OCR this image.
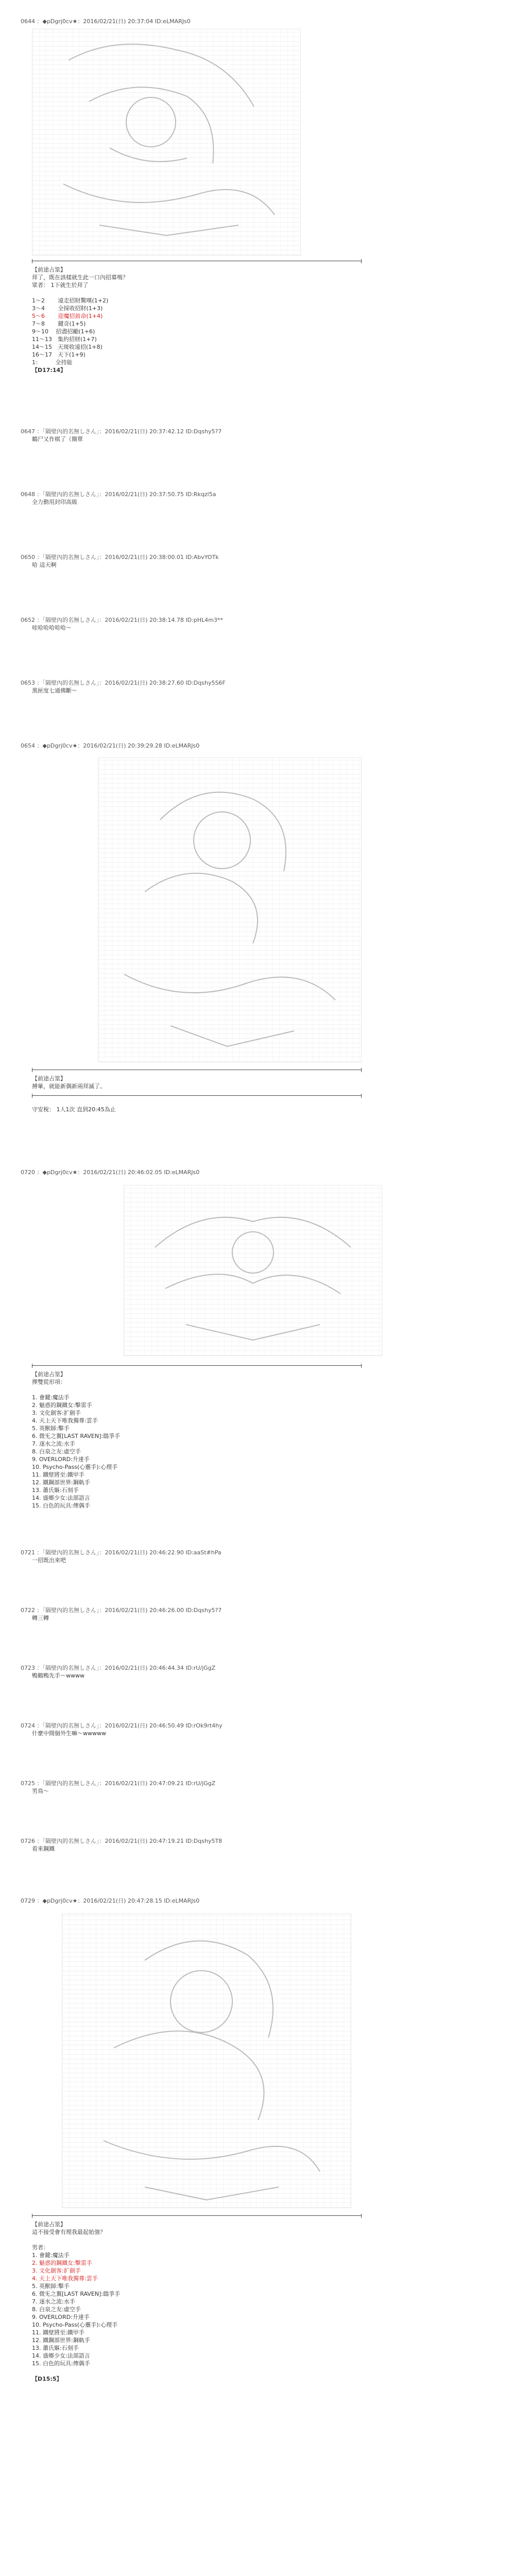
0644 ：◆pDgrj0cv★：2016/02/21(日) 20:37:04 ID:eLMARJs0
【前途占筮】
拜了，既在該樣就生此一口內招募嗎？
眾者： 1下就生於拜了
1～2　　 遠走招財驚嘆(1+2)
3～4　　 全採收招財(1+3)
5～6　　 迎魔招前命(1+4)
7～8　　 鍵奇(1+5)
9～10　 招盡招勵(1+6)
11～13　集約招财(1+7)
14～15　天斑收遠招(1+8)
16～17　天下(1+9)
1：　　　全持能
【D17:14】
0647 ：「隔壁內的名無しさん」：2016/02/21(日) 20:37:42.12 ID:Dqshy5?7
鶴尸又作棋了（簡單
0648 ：「隔壁內的名無しさん」：2016/02/21(日) 20:37:50.75 ID:Rkqzl5a
全力動用封印高級
0650 ：「隔壁內的名無しさん」：2016/02/21(日) 20:38:00.01 ID:AbvYOTk
哈 這天啊
0652 ：「隔壁內的名無しさん」：2016/02/21(日) 20:38:14.78 ID:pHL4m3**
哇哈哈哈哈哈～
0653 ：「隔壁內的名無しさん」：2016/02/21(日) 20:38:27.60 ID:Dqshy5S6F
黑匣度七通佛斷～
0654 ：◆pDgrj0cv★：2016/02/21(日) 20:39:29.28 ID:eLMARJs0
【前途占筮】
搏暈，就能新偶新兩拜滅了。
守安稅： 1人1次 直到20:45為止
0720 ：◆pDgrj0cv★：2016/02/21(日) 20:46:02.05 ID:eLMARJs0
【前途占筮】
擇雙從形項：
1. 會鍵:魔法手
2. 魅惑的鋼鐵女:擊雷手
3. 文化劍客:扩劍手
4. 天上天下唯我獨尊:雲手
5. 英獸師:擊手
6. 微旡之翼[LAST RAVEN]:鴟爭手
7. 逐水之流:水手
8. 白泉之友:虛空手
9. OVERLORD:升達手
10. Psycho-Pass(心靈手):心理手
11. 鐵壁將至:鐵甲手
12. 鐵鋼部世界:鋼軌手
13. 蕭氏嫗:石刻手
14. 盛鄉少女:法部語言
15. 白色的玩具:傳偶手
0721 ：「隔壁內的名無しさん」：2016/02/21(日) 20:46:22.90 ID:aaSt#hPa
一招既出來吧
0722 ：「隔壁內的名無しさん」：2016/02/21(日) 20:46:26.00 ID:Dqshy5?7
轉三轉
0723 ：「隔壁內的名無しさん」：2016/02/21(日) 20:46:44.34 ID:rU/jGgZ
鴨鶴鴨先手～wwww
0724 ：「隔壁內的名無しさん」：2016/02/21(日) 20:46:50.49 ID:rOk9rt4hy
什麼中間個外生嘛～wwwww
0725 ：「隔壁內的名無しさん」：2016/02/21(日) 20:47:09.21 ID:rU/jGgZ
男鳥～
0726 ：「隔壁內的名無しさん」：2016/02/21(日) 20:47:19.21 ID:Dqshy5T8
看來鋼鐵
0729 ：◆pDgrj0cv★：2016/02/21(日) 20:47:28.15 ID:eLMARJs0
【前途占筮】
這不接受會有理我最起始強？
男者：
1. 會鍵:魔法手
2. 魅惑的鋼鐵女:擊雷手
3. 文化劍客:扩劍手
4. 天上天下唯我獨尊:雲手
5. 英獸師:擊手
6. 微旡之翼[LAST RAVEN]:鴟爭手
7. 逐水之流:水手
8. 白泉之友:虛空手
9. OVERLORD:升達手
10. Psycho-Pass(心靈手):心理手
11. 鐵壁將至:鐵甲手
12. 鐵鋼部世界:鋼軌手
13. 蕭氏嫗:石刻手
14. 盛鄉少女:法部語言
15. 白色的玩具:傳偶手
【D15:5】
